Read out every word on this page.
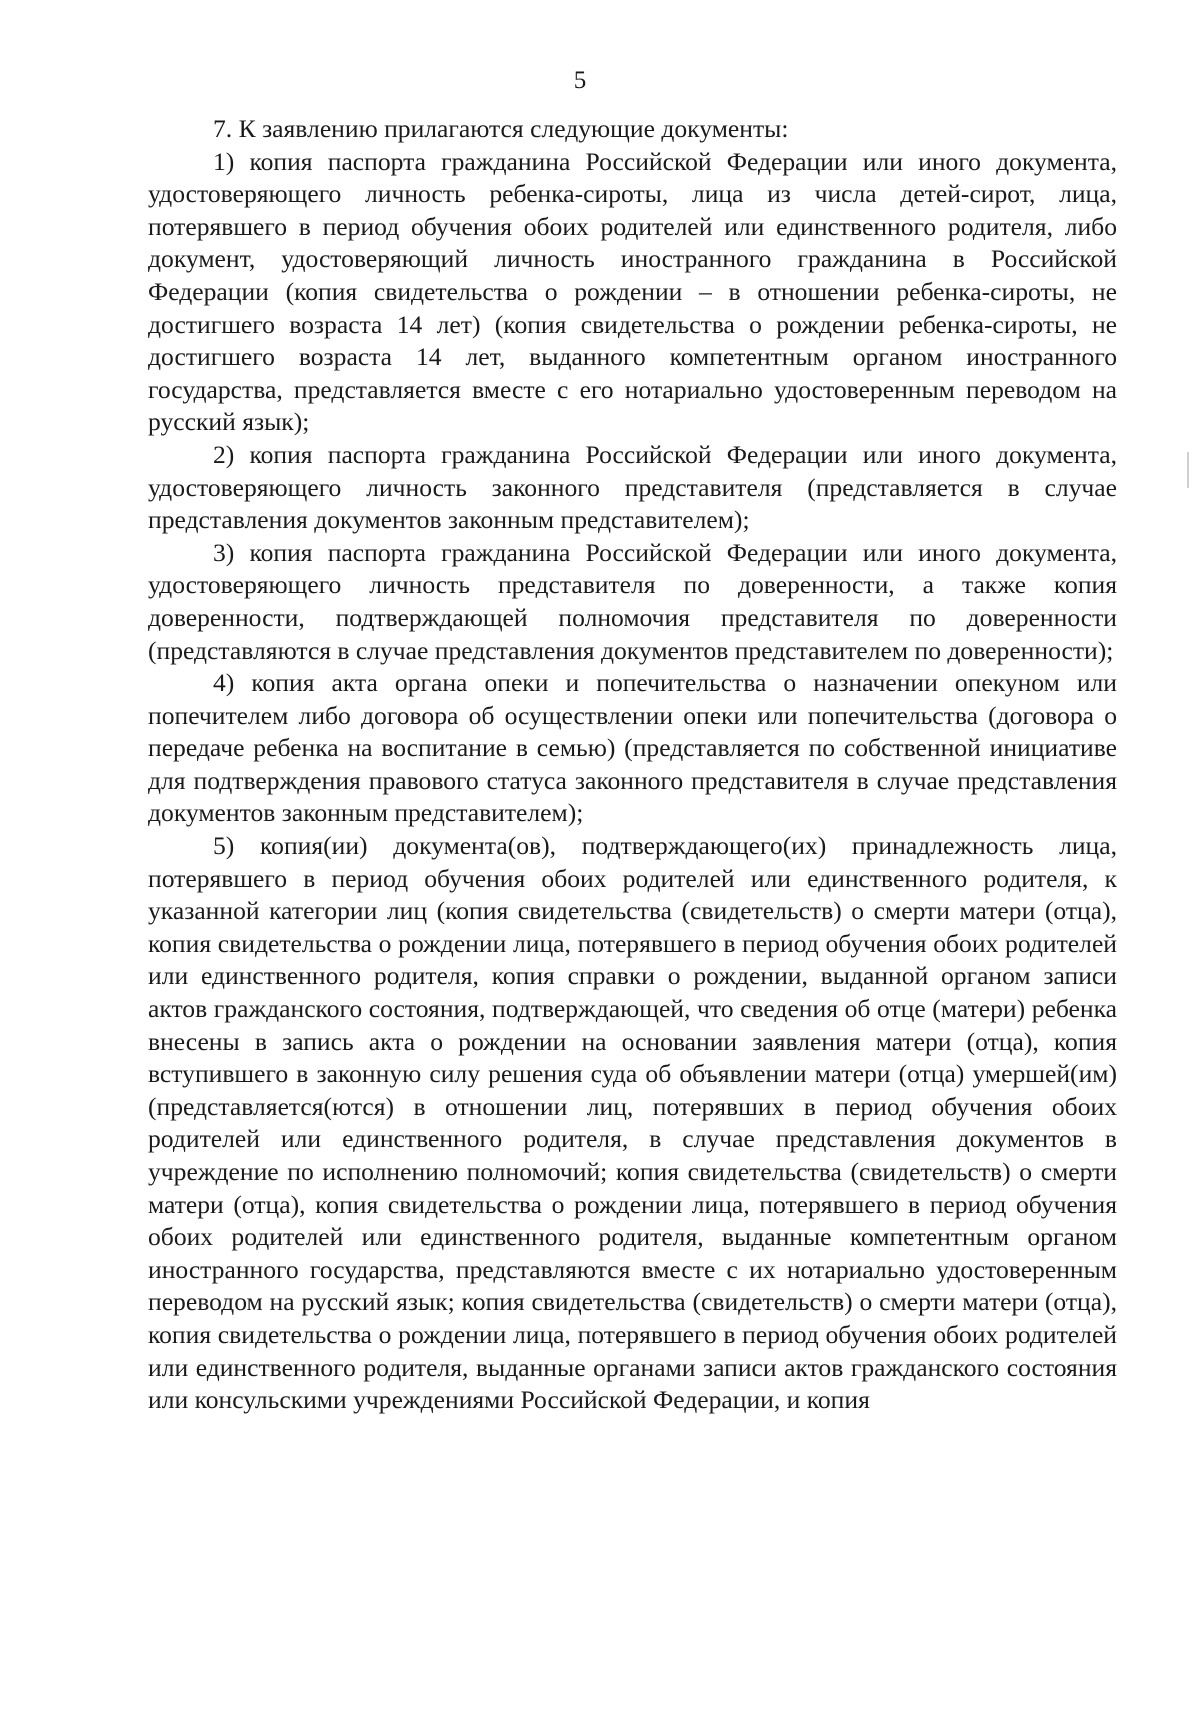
5

7. К заявлению прилагаются следующие документы:

1) копия паспорта гражданина Российской Федерации или иного документа, удостоверяющего личность ребенка-сироты, лица из числа детей-сирот, лица, потерявшего в период обучения обоих родителей или единственного родителя, либо документ, удостоверяющий личность иностранного гражданина в Российской Федерации (копия свидетельства о рождении – в отношении ребенка-сироты, не достигшего возраста 14 лет) (копия свидетельства о рождении ребенка-сироты, не достигшего возраста 14 лет, выданного компетентным органом иностранного государства, представляется вместе с его нотариально удостоверенным переводом на русский язык);

2) копия паспорта гражданина Российской Федерации или иного документа, удостоверяющего личность законного представителя (представляется в случае представления документов законным представителем);

3) копия паспорта гражданина Российской Федерации или иного документа, удостоверяющего личность представителя по доверенности, а также копия доверенности, подтверждающей полномочия представителя по доверенности (представляются в случае представления документов представителем по доверенности);

4) копия акта органа опеки и попечительства о назначении опекуном или попечителем либо договора об осуществлении опеки или попечительства (договора о передаче ребенка на воспитание в семью) (представляется по собственной инициативе для подтверждения правового статуса законного представителя в случае представления документов законным представителем);

5) копия(ии) документа(ов), подтверждающего(их) принадлежность лица, потерявшего в период обучения обоих родителей или единственного родителя, к указанной категории лиц (копия свидетельства (свидетельств) о смерти матери (отца), копия свидетельства о рождении лица, потерявшего в период обучения обоих родителей или единственного родителя, копия справки о рождении, выданной органом записи актов гражданского состояния, подтверждающей, что сведения об отце (матери) ребенка внесены в запись акта о рождении на основании заявления матери (отца), копия вступившего в законную силу решения суда об объявлении матери (отца) умершей(им) (представляется(ются) в отношении лиц, потерявших в период обучения обоих родителей или единственного родителя, в случае представления документов в учреждение по исполнению полномочий; копия свидетельства (свидетельств) о смерти матери (отца), копия свидетельства о рождении лица, потерявшего в период обучения обоих родителей или единственного родителя, выданные компетентным органом иностранного государства, представляются вместе с их нотариально удостоверенным переводом на русский язык; копия свидетельства (свидетельств) о смерти матери (отца), копия свидетельства о рождении лица, потерявшего в период обучения обоих родителей или единственного родителя, выданные органами записи актов гражданского состояния или консульскими учреждениями Российской Федерации, и копия
